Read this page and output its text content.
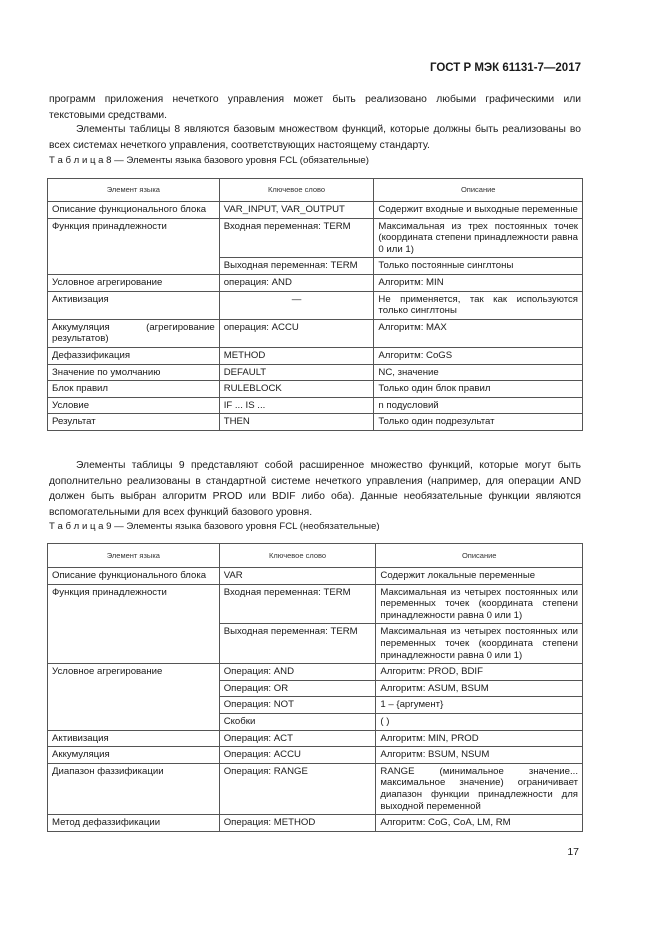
ГОСТ Р МЭК 61131-7—2017

программ приложения нечеткого управления может быть реализовано любыми графическими или текстовыми средствами.

Элементы таблицы 8 являются базовым множеством функций, которые должны быть реализованы во всех системах нечеткого управления, соответствующих настоящему стандарту.

Т а б л и ц а 8 — Элементы языка базового уровня FCL (обязательные)
Элемент языка	Ключевое слово	Описание
Описание функционального блока	VAR_INPUT, VAR_OUTPUT	Содержит входные и выходные переменные
Функция принадлежности	Входная переменная: TERM	Максимальная из трех постоянных точек (координата степени принадлежности равна 0 или 1)
	Выходная переменная: TERM	Только постоянные синглтоны
Условное агрегирование	операция: AND	Алгоритм: MIN
Активизация	—	Не применяется, так как используются только синглтоны
Аккумуляция (агрегирование результатов)	операция: ACCU	Алгоритм: MAX
Дефаззификация	METHOD	Алгоритм: CoGS
Значение по умолчанию	DEFAULT	NC, значение
Блок правил	RULEBLOCK	Только один блок правил
Условие	IF ... IS ...	n подусловий
Результат	THEN	Только один подрезультат

Элементы таблицы 9 представляют собой расширенное множество функций, которые могут быть дополнительно реализованы в стандартной системе нечеткого управления (например, для операции AND должен быть выбран алгоритм PROD или BDIF либо оба). Данные необязательные функции являются вспомогательными для всех функций базового уровня.

Т а б л и ц а 9 — Элементы языка базового уровня FCL (необязательные)
Элемент языка	Ключевое слово	Описание
Описание функционального блока	VAR	Содержит локальные переменные
Функция принадлежности	Входная переменная: TERM	Максимальная из четырех постоянных или переменных точек (координата степени принадлежности равна 0 или 1)
	Выходная переменная: TERM	Максимальная из четырех постоянных или переменных точек (координата степени принадлежности равна 0 или 1)
Условное агрегирование	Операция: AND	Алгоритм: PROD, BDIF
	Операция: OR	Алгоритм: ASUM, BSUM
	Операция: NOT	1 – {аргумент}
	Скобки	( )
Активизация	Операция: ACT	Алгоритм: MIN, PROD
Аккумуляция	Операция: ACCU	Алгоритм: BSUM, NSUM
Диапазон фаззификации	Операция: RANGE	RANGE (минимальное значение... максимальное значение) ограничивает диапазон функции принадлежности для выходной переменной
Метод дефаззификации	Операция: METHOD	Алгоритм: CoG, CoA, LM, RM
17
